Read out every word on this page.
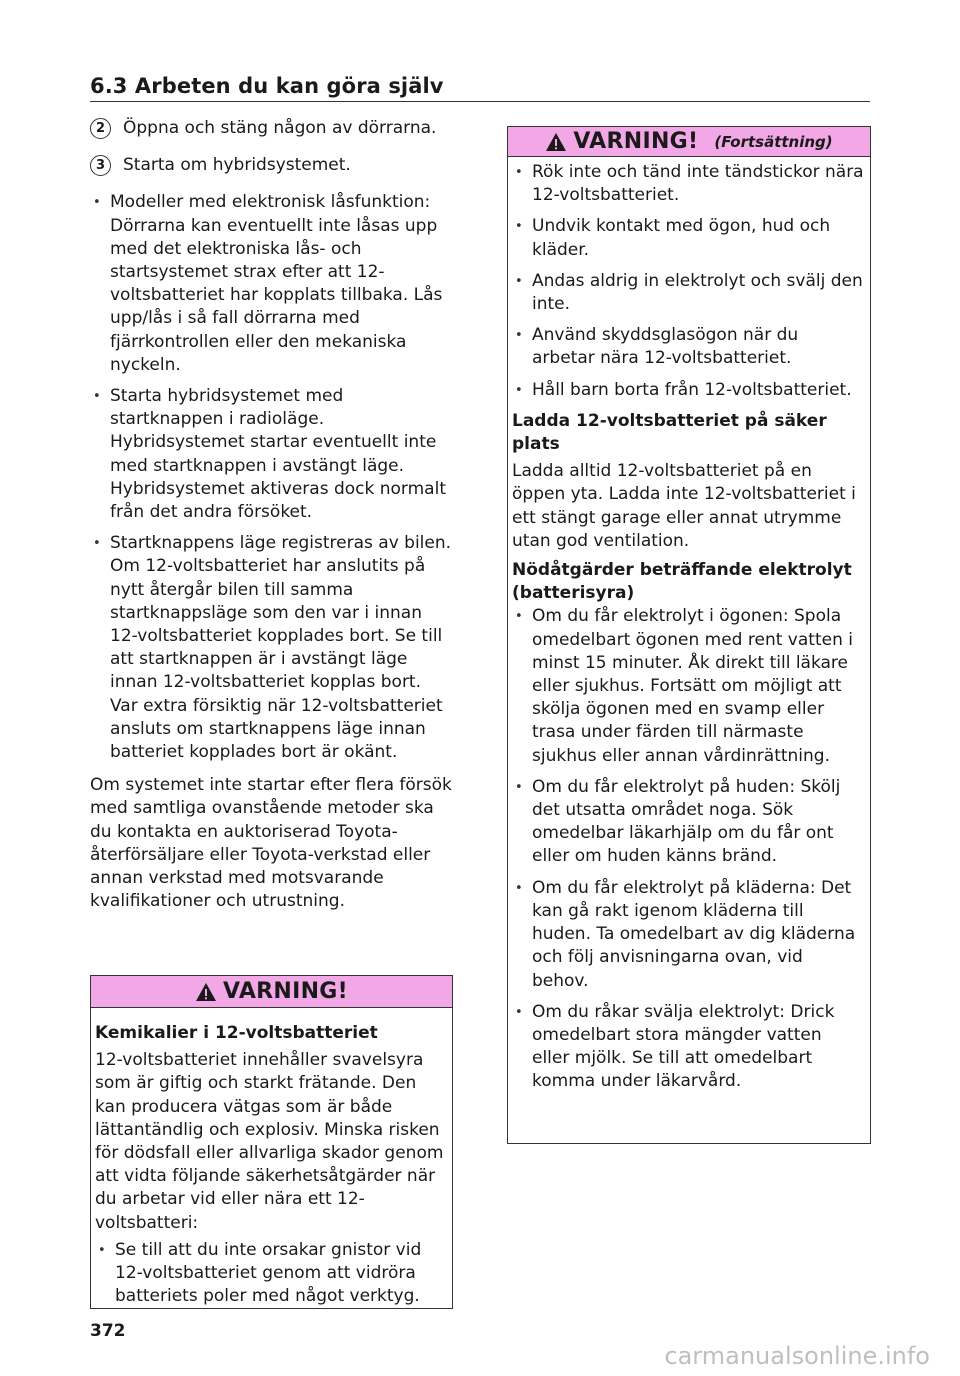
6.3 Arbeten du kan göra själv
2	Öppna och stäng någon av dörrarna.
3	Starta om hybridsystemet.
• Modeller med elektronisk låsfunktion: Dörrarna kan eventuellt inte låsas upp med det elektroniska lås- och startsystemet strax efter att 12-voltsbatteriet har kopplats tillbaka. Lås upp/lås i så fall dörrarna med fjärrkontrollen eller den mekaniska nyckeln.
• Starta hybridsystemet med startknappen i radioläge. Hybridsystemet startar eventuellt inte med startknappen i avstängt läge. Hybridsystemet aktiveras dock normalt från det andra försöket.
• Startknappens läge registreras av bilen. Om 12-voltsbatteriet har anslutits på nytt återgår bilen till samma startknappsläge som den var i innan 12-voltsbatteriet kopplades bort. Se till att startknappen är i avstängt läge innan 12-voltsbatteriet kopplas bort. Var extra försiktig när 12-voltsbatteriet ansluts om startknappens läge innan batteriet kopplades bort är okänt.

Om systemet inte startar efter flera försök med samtliga ovanstående metoder ska du kontakta en auktoriserad Toyota-återförsäljare eller Toyota-verkstad eller annan verkstad med motsvarande kvalifikationer och utrustning.

VARNING!
Kemikalier i 12-voltsbatteriet
12-voltsbatteriet innehåller svavelsyra som är giftig och starkt frätande. Den kan producera vätgas som är både lättantändlig och explosiv. Minska risken för dödsfall eller allvarliga skador genom att vidta följande säkerhetsåtgärder när du arbetar vid eller nära ett 12-voltsbatteri:
• Se till att du inte orsakar gnistor vid 12-voltsbatteriet genom att vidröra batteriets poler med något verktyg.
VARNING! (Fortsättning)
• Rök inte och tänd inte tändstickor nära 12-voltsbatteriet.
• Undvik kontakt med ögon, hud och kläder.
• Andas aldrig in elektrolyt och svälj den inte.
• Använd skyddsglasögon när du arbetar nära 12-voltsbatteriet.
• Håll barn borta från 12-voltsbatteriet.
Ladda 12-voltsbatteriet på säker plats
Ladda alltid 12-voltsbatteriet på en öppen yta. Ladda inte 12-voltsbatteriet i ett stängt garage eller annat utrymme utan god ventilation.
Nödåtgärder beträffande elektrolyt (batterisyra)
• Om du får elektrolyt i ögonen: Spola omedelbart ögonen med rent vatten i minst 15 minuter. Åk direkt till läkare eller sjukhus. Fortsätt om möjligt att skölja ögonen med en svamp eller trasa under färden till närmaste sjukhus eller annan vårdinrättning.
• Om du får elektrolyt på huden: Skölj det utsatta området noga. Sök omedelbar läkarhjälp om du får ont eller om huden känns bränd.
• Om du får elektrolyt på kläderna: Det kan gå rakt igenom kläderna till huden. Ta omedelbart av dig kläderna och följ anvisningarna ovan, vid behov.
• Om du råkar svälja elektrolyt: Drick omedelbart stora mängder vatten eller mjölk. Se till att omedelbart komma under läkarvård.
372
carmanualsonline.info
